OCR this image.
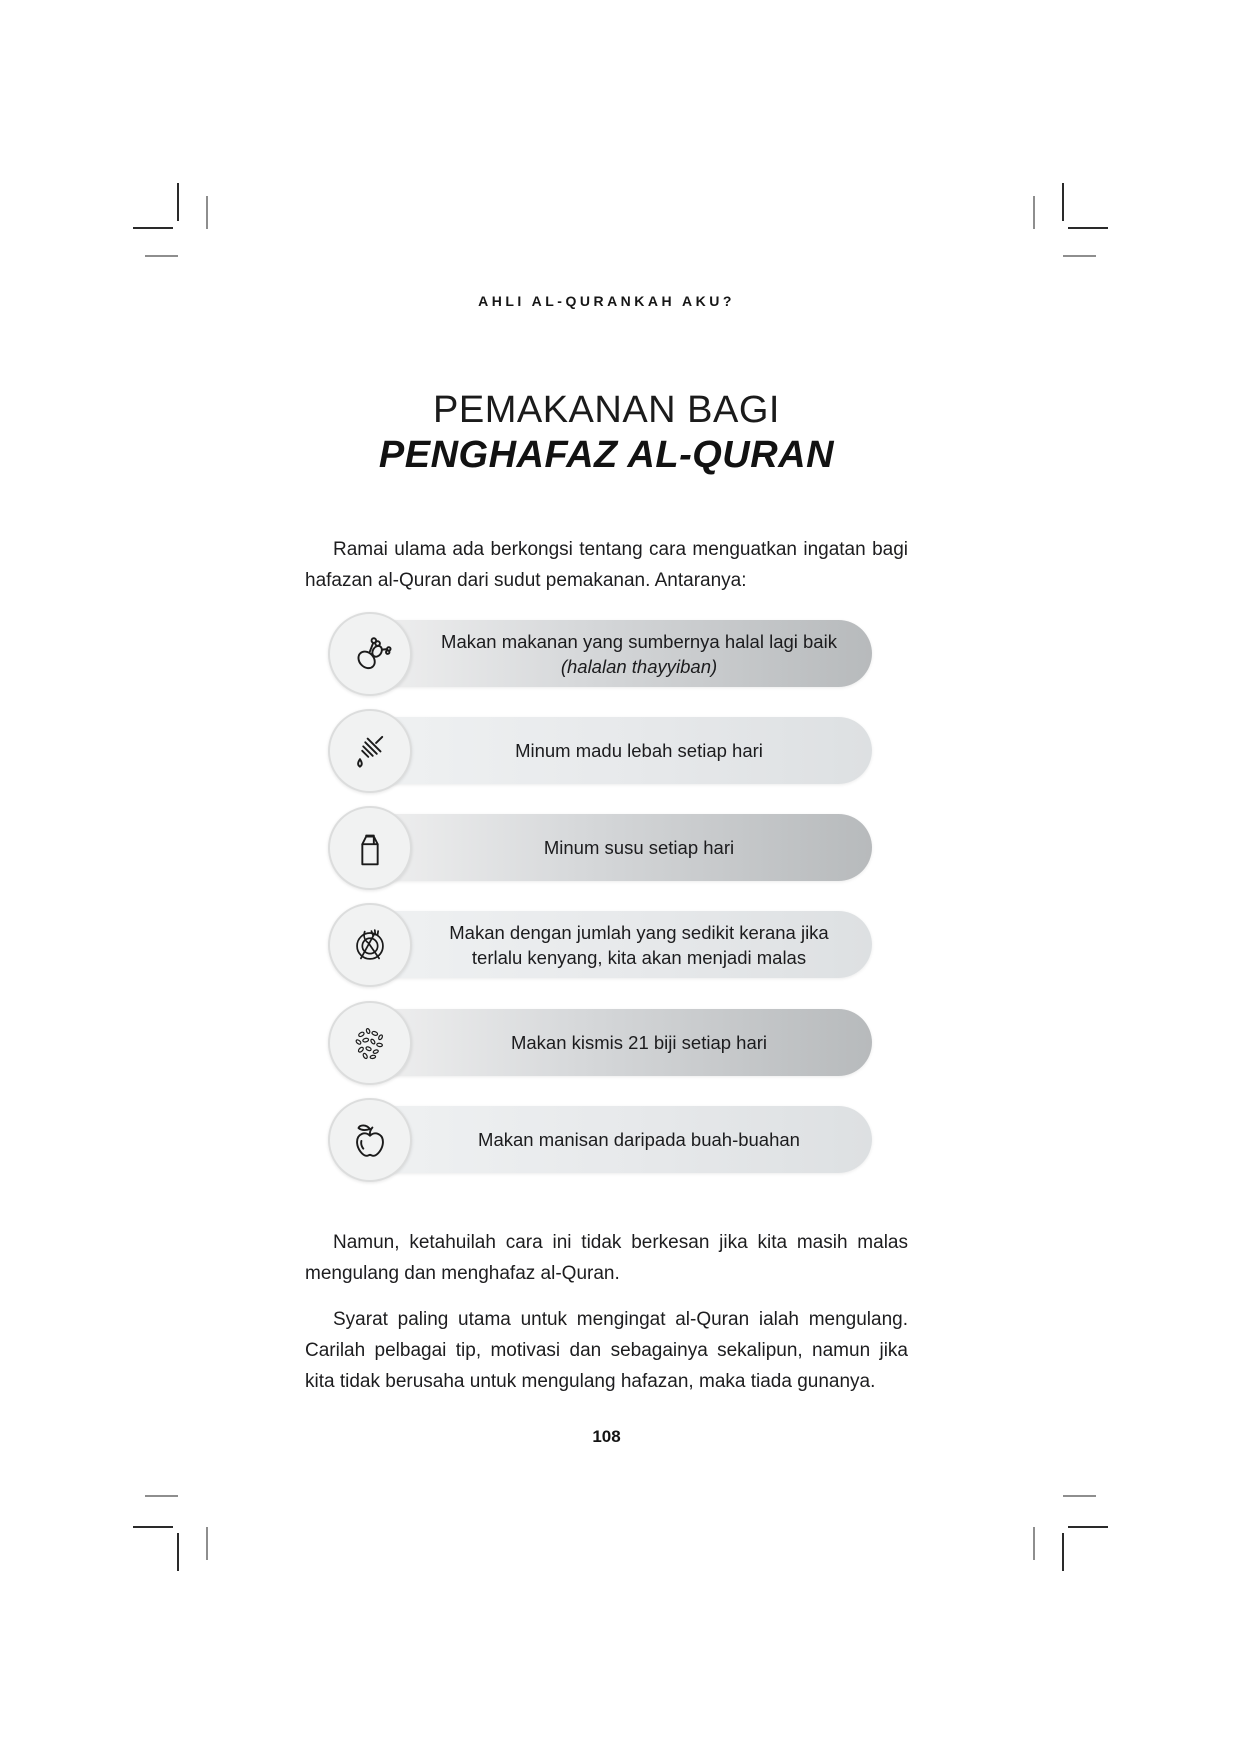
AHLI AL-QURANKAH AKU?
PEMAKANAN BAGI
PENGHAFAZ AL-QURAN

Ramai ulama ada berkongsi tentang cara menguatkan ingatan bagi hafazan al-Quran dari sudut pemakanan. Antaranya:

Makan makanan yang sumbernya halal lagi baik
(halalan thayyiban)
Minum madu lebah setiap hari
Minum susu setiap hari
Makan dengan jumlah yang sedikit kerana jika terlalu kenyang, kita akan menjadi malas
Makan kismis 21 biji setiap hari
Makan manisan daripada buah-buahan

Namun, ketahuilah cara ini tidak berkesan jika kita masih malas mengulang dan menghafaz al-Quran.

Syarat paling utama untuk mengingat al-Quran ialah mengulang. Carilah pelbagai tip, motivasi dan sebagainya sekalipun, namun jika kita tidak berusaha untuk mengulang hafazan, maka tiada gunanya.

108
